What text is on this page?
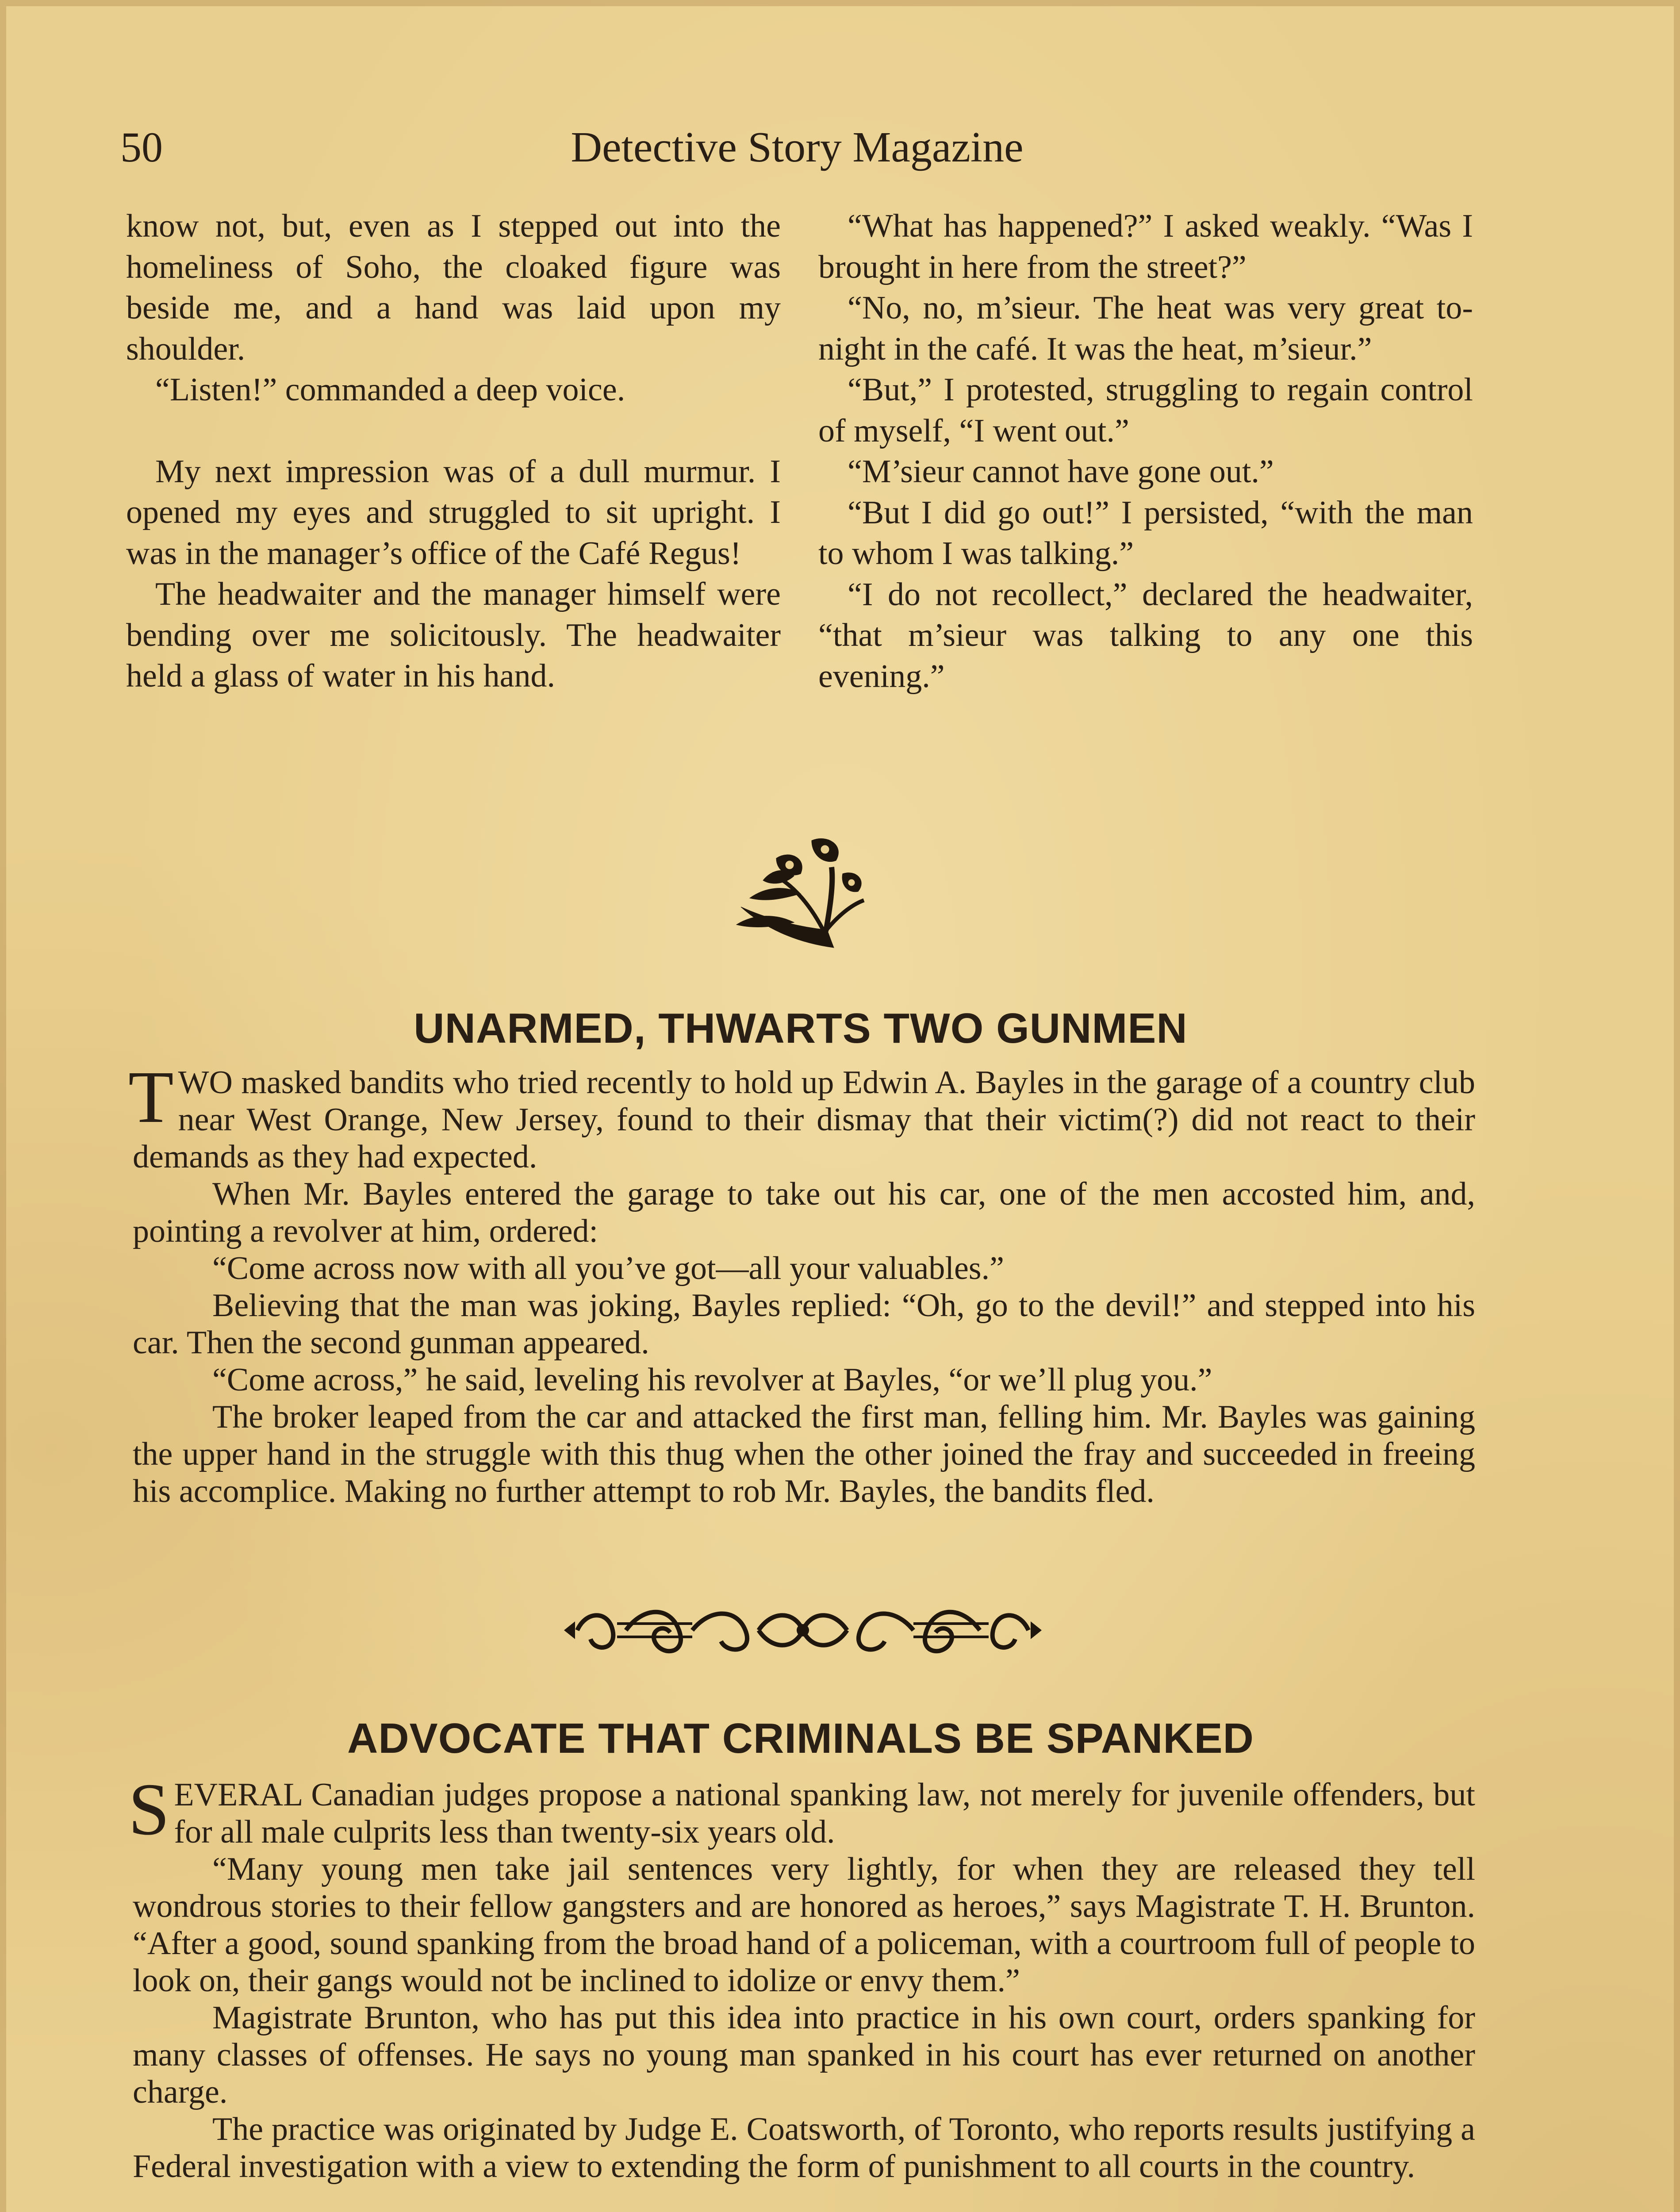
50	Detective Story Magazine

know not, but, even as I stepped out into the homeliness of Soho, the cloaked figure was beside me, and a hand was laid upon my shoulder.

“Listen!” commanded a deep voice.

My next impression was of a dull murmur. I opened my eyes and struggled to sit upright. I was in the manager’s office of the Café Regus!

The headwaiter and the manager himself were bending over me solicitously. The headwaiter held a glass of water in his hand.

“What has happened?” I asked weakly. “Was I brought in here from the street?”

“No, no, m’sieur. The heat was very great to-night in the café. It was the heat, m’sieur.”

“But,” I protested, struggling to regain control of myself, “I went out.”

“M’sieur cannot have gone out.”

“But I did go out!” I persisted, “with the man to whom I was talking.”

“I do not recollect,” declared the headwaiter, “that m’sieur was talking to any one this evening.”

UNARMED, THWARTS TWO GUNMEN

TWO masked bandits who tried recently to hold up Edwin A. Bayles in the garage of a country club near West Orange, New Jersey, found to their dismay that their victim(?) did not react to their demands as they had expected.

When Mr. Bayles entered the garage to take out his car, one of the men accosted him, and, pointing a revolver at him, ordered:

“Come across now with all you’ve got—all your valuables.”

Believing that the man was joking, Bayles replied: “Oh, go to the devil!” and stepped into his car. Then the second gunman appeared.

“Come across,” he said, leveling his revolver at Bayles, “or we’ll plug you.”

The broker leaped from the car and attacked the first man, felling him. Mr. Bayles was gaining the upper hand in the struggle with this thug when the other joined the fray and succeeded in freeing his accomplice. Making no further attempt to rob Mr. Bayles, the bandits fled.

ADVOCATE THAT CRIMINALS BE SPANKED

SEVERAL Canadian judges propose a national spanking law, not merely for juvenile offenders, but for all male culprits less than twenty-six years old.

“Many young men take jail sentences very lightly, for when they are released they tell wondrous stories to their fellow gangsters and are honored as heroes,” says Magistrate T. H. Brunton. “After a good, sound spanking from the broad hand of a policeman, with a courtroom full of people to look on, their gangs would not be inclined to idolize or envy them.”

Magistrate Brunton, who has put this idea into practice in his own court, orders spanking for many classes of offenses. He says no young man spanked in his court has ever returned on another charge.

The practice was originated by Judge E. Coatsworth, of Toronto, who reports results justifying a Federal investigation with a view to extending the form of punishment to all courts in the country.
